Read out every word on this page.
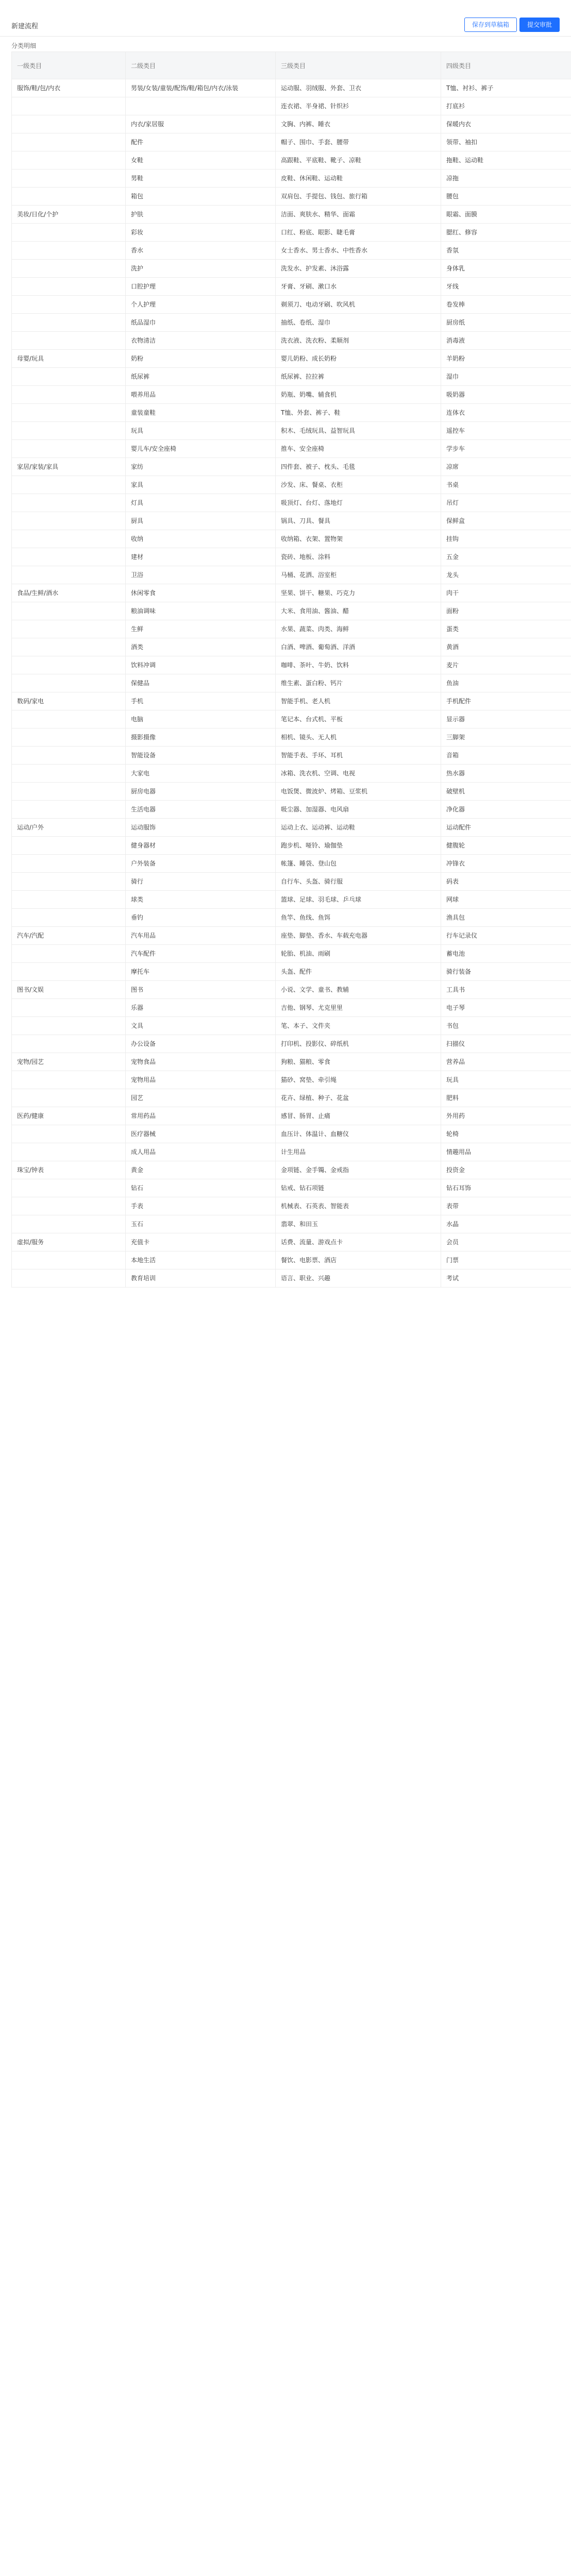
新建流程	保存到草稿箱	提交审批
分类明细
一级类目	二级类目	三级类目	四级类目
服饰/鞋/包/内衣	男装/女装/童装/配饰/鞋/箱包/内衣/泳装	运动服、羽绒服、外套、卫衣	T恤、衬衫、裤子
		连衣裙、半身裙、针织衫	打底衫
	内衣/家居服	文胸、内裤、睡衣	保暖内衣
	配件	帽子、围巾、手套、腰带	领带、袖扣
	女鞋	高跟鞋、平底鞋、靴子、凉鞋	拖鞋、运动鞋
	男鞋	皮鞋、休闲鞋、运动鞋	凉拖
	箱包	双肩包、手提包、钱包、旅行箱	腰包
美妆/日化/个护	护肤	洁面、爽肤水、精华、面霜	眼霜、面膜
	彩妆	口红、粉底、眼影、睫毛膏	腮红、修容
	香水	女士香水、男士香水、中性香水	香氛
	洗护	洗发水、护发素、沐浴露	身体乳
	口腔护理	牙膏、牙刷、漱口水	牙线
	个人护理	剃须刀、电动牙刷、吹风机	卷发棒
	纸品湿巾	抽纸、卷纸、湿巾	厨房纸
	衣物清洁	洗衣液、洗衣粉、柔顺剂	消毒液
母婴/玩具	奶粉	婴儿奶粉、成长奶粉	羊奶粉
	纸尿裤	纸尿裤、拉拉裤	湿巾
	喂养用品	奶瓶、奶嘴、辅食机	吸奶器
	童装童鞋	T恤、外套、裤子、鞋	连体衣
	玩具	积木、毛绒玩具、益智玩具	遥控车
	婴儿车/安全座椅	推车、安全座椅	学步车
家居/家装/家具	家纺	四件套、被子、枕头、毛毯	凉席
	家具	沙发、床、餐桌、衣柜	书桌
	灯具	吸顶灯、台灯、落地灯	吊灯
	厨具	锅具、刀具、餐具	保鲜盒
	收纳	收纳箱、衣架、置物架	挂钩
	建材	瓷砖、地板、涂料	五金
	卫浴	马桶、花洒、浴室柜	龙头
食品/生鲜/酒水	休闲零食	坚果、饼干、糖果、巧克力	肉干
	粮油调味	大米、食用油、酱油、醋	面粉
	生鲜	水果、蔬菜、肉类、海鲜	蛋类
	酒类	白酒、啤酒、葡萄酒、洋酒	黄酒
	饮料冲调	咖啡、茶叶、牛奶、饮料	麦片
	保健品	维生素、蛋白粉、钙片	鱼油
数码/家电	手机	智能手机、老人机	手机配件
	电脑	笔记本、台式机、平板	显示器
	摄影摄像	相机、镜头、无人机	三脚架
	智能设备	智能手表、手环、耳机	音箱
	大家电	冰箱、洗衣机、空调、电视	热水器
	厨房电器	电饭煲、微波炉、烤箱、豆浆机	破壁机
	生活电器	吸尘器、加湿器、电风扇	净化器
运动/户外	运动服饰	运动上衣、运动裤、运动鞋	运动配件
	健身器材	跑步机、哑铃、瑜伽垫	健腹轮
	户外装备	帐篷、睡袋、登山包	冲锋衣
	骑行	自行车、头盔、骑行服	码表
	球类	篮球、足球、羽毛球、乒乓球	网球
	垂钓	鱼竿、鱼线、鱼饵	渔具包
汽车/汽配	汽车用品	座垫、脚垫、香水、车载充电器	行车记录仪
	汽车配件	轮胎、机油、雨刷	蓄电池
	摩托车	头盔、配件	骑行装备
图书/文娱	图书	小说、文学、童书、教辅	工具书
	乐器	吉他、钢琴、尤克里里	电子琴
	文具	笔、本子、文件夹	书包
	办公设备	打印机、投影仪、碎纸机	扫描仪
宠物/园艺	宠物食品	狗粮、猫粮、零食	营养品
	宠物用品	猫砂、窝垫、牵引绳	玩具
	园艺	花卉、绿植、种子、花盆	肥料
医药/健康	常用药品	感冒、肠胃、止痛	外用药
	医疗器械	血压计、体温计、血糖仪	轮椅
	成人用品	计生用品	情趣用品
珠宝/钟表	黄金	金项链、金手镯、金戒指	投资金
	钻石	钻戒、钻石项链	钻石耳饰
	手表	机械表、石英表、智能表	表带
	玉石	翡翠、和田玉	水晶
虚拟/服务	充值卡	话费、流量、游戏点卡	会员
	本地生活	餐饮、电影票、酒店	门票
	教育培训	语言、职业、兴趣	考试
